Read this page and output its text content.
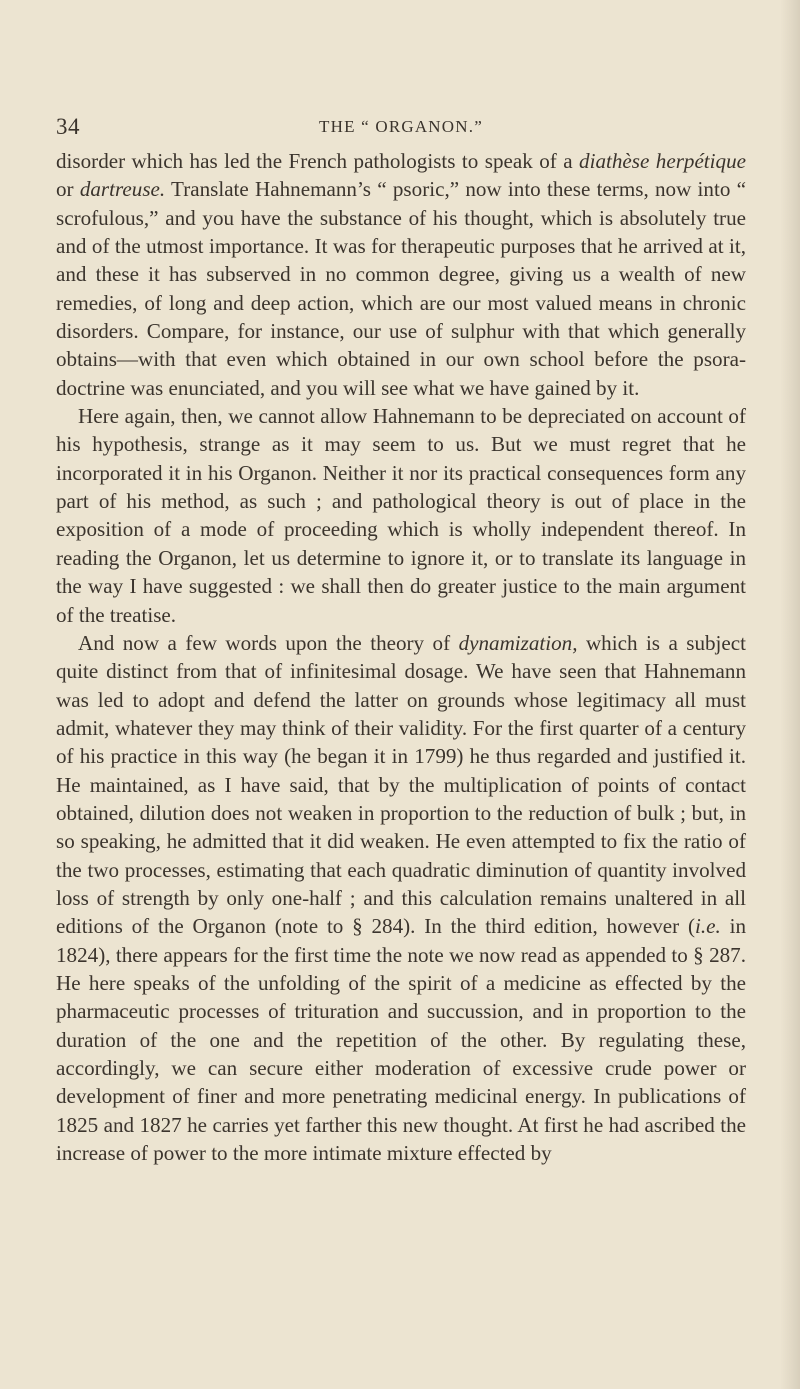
34	THE “ ORGANON.”

disorder which has led the French pathologists to speak of a diathèse herpétique or dartreuse. Translate Hahnemann’s “ psoric,” now into these terms, now into “ scrofulous,” and you have the substance of his thought, which is absolutely true and of the utmost importance. It was for therapeutic purposes that he arrived at it, and these it has subserved in no common degree, giving us a wealth of new remedies, of long and deep action, which are our most valued means in chronic disorders. Compare, for instance, our use of sulphur with that which generally obtains—with that even which obtained in our own school before the psora-doctrine was enunciated, and you will see what we have gained by it.

Here again, then, we cannot allow Hahnemann to be depreciated on account of his hypothesis, strange as it may seem to us. But we must regret that he incorporated it in his Organon. Neither it nor its practical consequences form any part of his method, as such ; and pathological theory is out of place in the exposition of a mode of proceeding which is wholly independent thereof. In reading the Organon, let us determine to ignore it, or to translate its language in the way I have suggested : we shall then do greater justice to the main argument of the treatise.

And now a few words upon the theory of dynamization, which is a subject quite distinct from that of infinitesimal dosage. We have seen that Hahnemann was led to adopt and defend the latter on grounds whose legitimacy all must admit, whatever they may think of their validity. For the first quarter of a century of his practice in this way (he began it in 1799) he thus regarded and justified it. He maintained, as I have said, that by the multiplication of points of contact obtained, dilution does not weaken in proportion to the reduction of bulk ; but, in so speaking, he admitted that it did weaken. He even attempted to fix the ratio of the two processes, estimating that each quadratic diminution of quantity involved loss of strength by only one-half ; and this calculation remains unaltered in all editions of the Organon (note to § 284). In the third edition, however (i.e. in 1824), there appears for the first time the note we now read as appended to § 287. He here speaks of the unfolding of the spirit of a medicine as effected by the pharmaceutic processes of trituration and succussion, and in proportion to the duration of the one and the repetition of the other. By regulating these, accordingly, we can secure either moderation of excessive crude power or development of finer and more penetrating medicinal energy. In publications of 1825 and 1827 he carries yet farther this new thought. At first he had ascribed the increase of power to the more intimate mixture effected by
